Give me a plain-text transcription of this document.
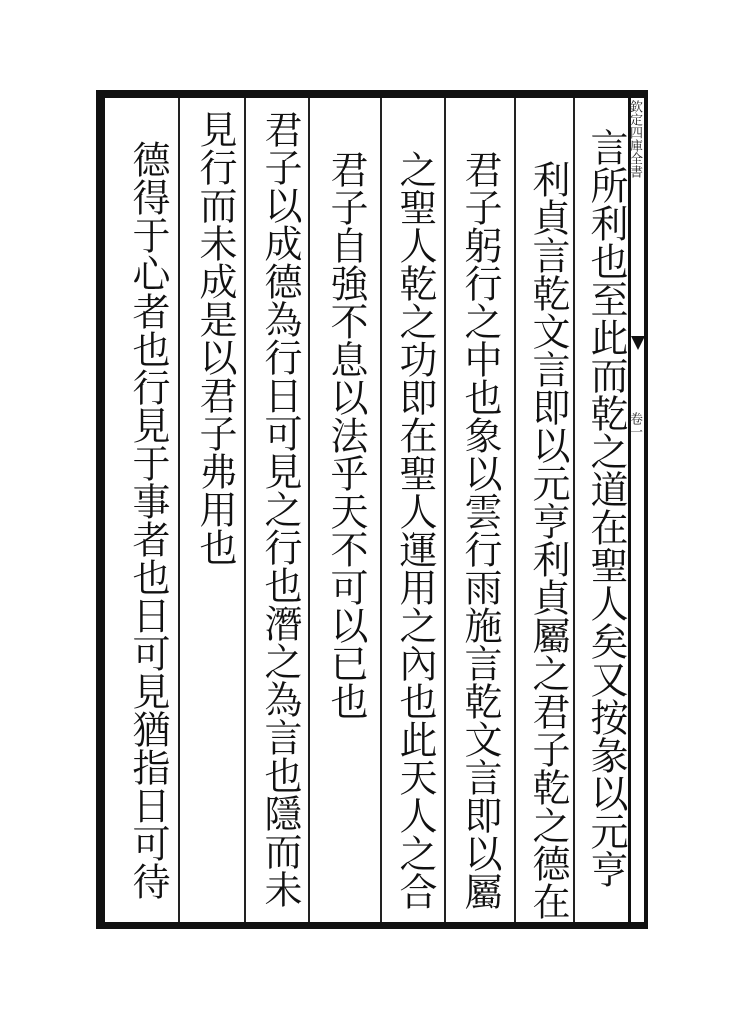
欽定四庫全書
卷一
言所利也至此而乾之道在聖人矣又按彖以元亨
利貞言乾文言即以元亨利貞屬之君子乾之德在
君子躬行之中也象以雲行雨施言乾文言即以屬
之聖人乾之功即在聖人運用之內也此天人之合
君子自強不息以法乎天不可以已也
君子以成德為行日可見之行也潛之為言也隱而未
見行而未成是以君子弗用也
德得于心者也行見于事者也日可見猶指日可待
